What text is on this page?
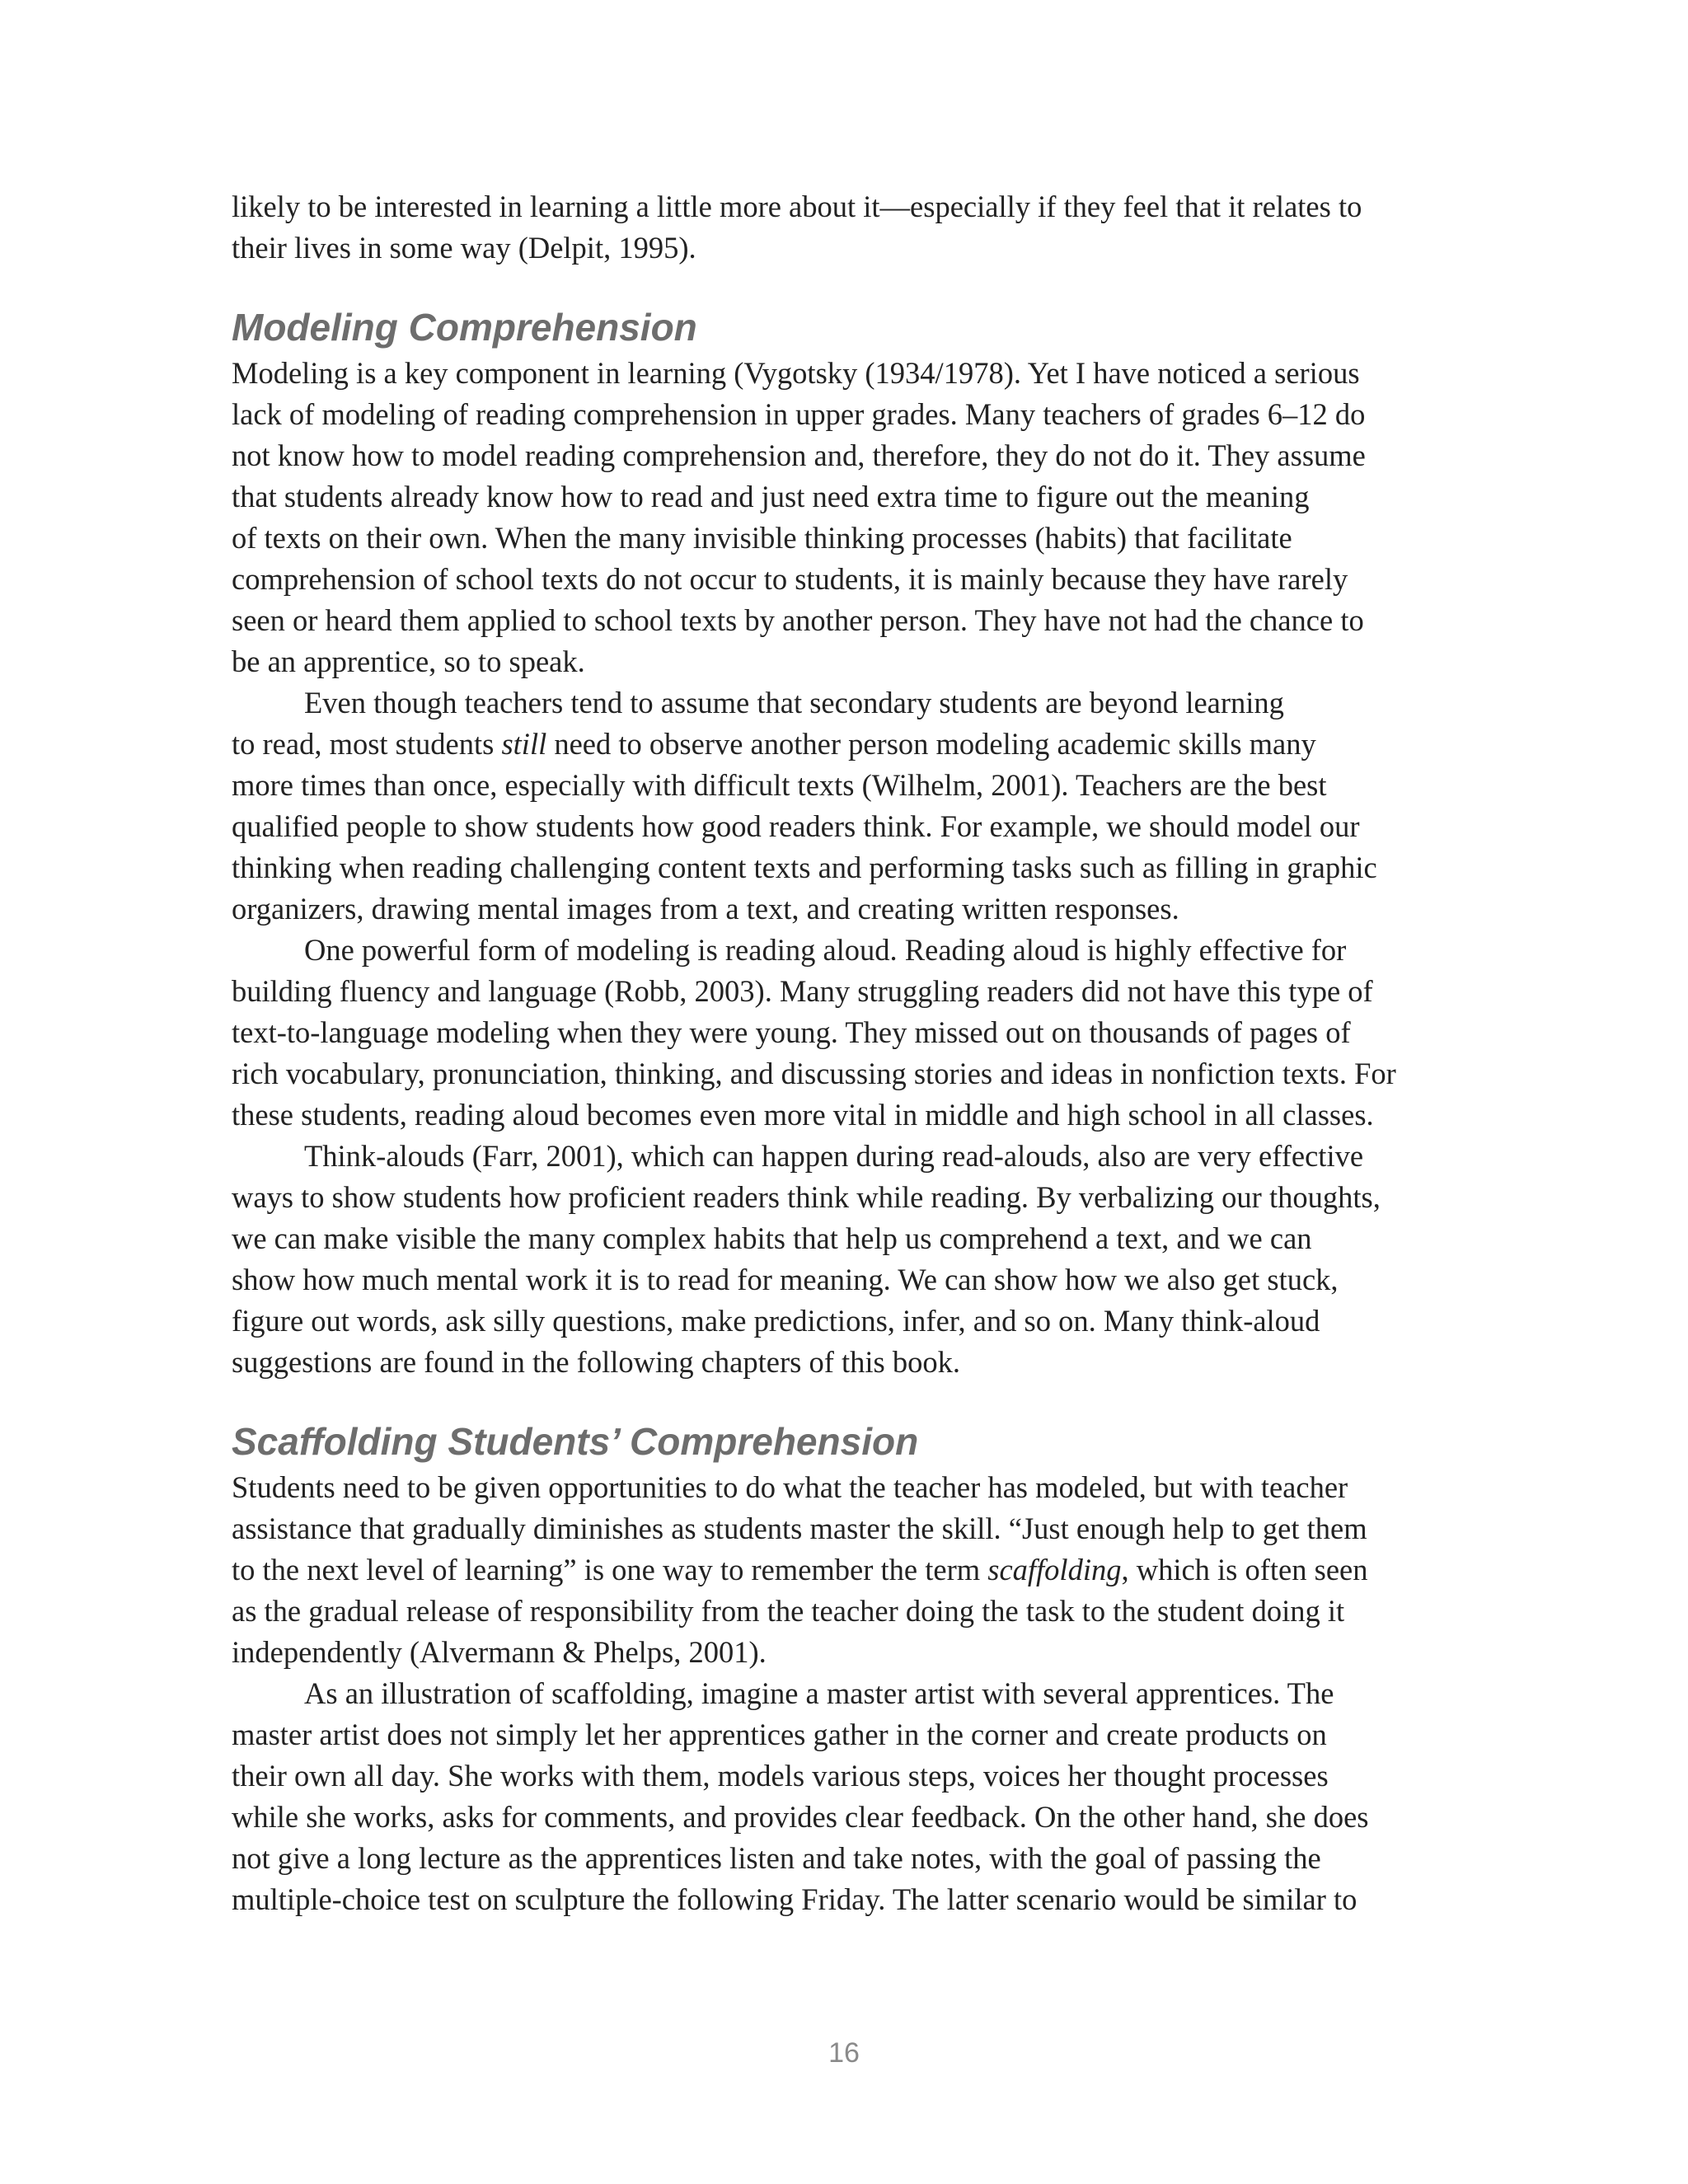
likely to be interested in learning a little more about it—especially if they feel that it relates to
their lives in some way (Delpit, 1995).

Modeling Comprehension

Modeling is a key component in learning (Vygotsky (1934/1978). Yet I have noticed a serious
lack of modeling of reading comprehension in upper grades. Many teachers of grades 6–12 do
not know how to model reading comprehension and, therefore, they do not do it. They assume
that students already know how to read and just need extra time to figure out the meaning
of texts on their own. When the many invisible thinking processes (habits) that facilitate
comprehension of school texts do not occur to students, it is mainly because they have rarely
seen or heard them applied to school texts by another person. They have not had the chance to
be an apprentice, so to speak.

Even though teachers tend to assume that secondary students are beyond learning
to read, most students still need to observe another person modeling academic skills many
more times than once, especially with difficult texts (Wilhelm, 2001). Teachers are the best
qualified people to show students how good readers think. For example, we should model our
thinking when reading challenging content texts and performing tasks such as filling in graphic
organizers, drawing mental images from a text, and creating written responses.

One powerful form of modeling is reading aloud. Reading aloud is highly effective for
building fluency and language (Robb, 2003). Many struggling readers did not have this type of
text-to-language modeling when they were young. They missed out on thousands of pages of
rich vocabulary, pronunciation, thinking, and discussing stories and ideas in nonfiction texts. For
these students, reading aloud becomes even more vital in middle and high school in all classes.

Think-alouds (Farr, 2001), which can happen during read-alouds, also are very effective
ways to show students how proficient readers think while reading. By verbalizing our thoughts,
we can make visible the many complex habits that help us comprehend a text, and we can
show how much mental work it is to read for meaning. We can show how we also get stuck,
figure out words, ask silly questions, make predictions, infer, and so on. Many think-aloud
suggestions are found in the following chapters of this book.

Scaffolding Students’ Comprehension

Students need to be given opportunities to do what the teacher has modeled, but with teacher
assistance that gradually diminishes as students master the skill. “Just enough help to get them
to the next level of learning” is one way to remember the term scaffolding, which is often seen
as the gradual release of responsibility from the teacher doing the task to the student doing it
independently (Alvermann & Phelps, 2001).

As an illustration of scaffolding, imagine a master artist with several apprentices. The
master artist does not simply let her apprentices gather in the corner and create products on
their own all day. She works with them, models various steps, voices her thought processes
while she works, asks for comments, and provides clear feedback. On the other hand, she does
not give a long lecture as the apprentices listen and take notes, with the goal of passing the
multiple-choice test on sculpture the following Friday. The latter scenario would be similar to

16
